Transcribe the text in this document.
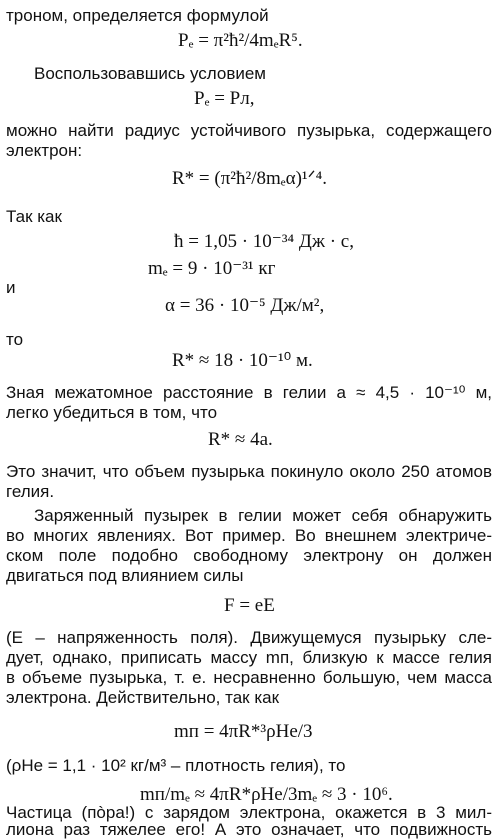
троном, определяется формулой
Pₑ = π²ħ²/4mₑR⁵.
Воспользовавшись условием
Pₑ = Pл,
можно найти радиус устойчивого пузырька, содержащего
электрон:
R* = (π²ħ²/8mₑα)¹ᐟ⁴.
Так как
ħ = 1,05 · 10⁻³⁴ Дж · с,
mₑ = 9 · 10⁻³¹ кг
и
α = 36 · 10⁻⁵ Дж/м²,
то
R* ≈ 18 · 10⁻¹⁰ м.
Зная межатомное расстояние в гелии a ≈ 4,5 · 10⁻¹⁰ м,
легко убедиться в том, что
R* ≈ 4a.
Это значит, что объем пузырька покинуло около 250 атомов гелия.
Заряженный пузырек в гелии может себя обнаружить
во многих явлениях. Вот пример. Во внешнем электриче-
ском поле подобно свободному электрону он должен
двигаться под влиянием силы
F = eE
(E – напряженность поля). Движущемуся пузырьку сле-
дует, однако, приписать массу mп, близкую к массе гелия
в объеме пузырька, т. е. несравненно большую, чем масса
электрона. Действительно, так как
mп = 4πR*³ρHe/3
(ρHe = 1,1 · 10² кг/м³ – плотность гелия), то
mп/mₑ ≈ 4πR*ρHe/3mₑ ≈ 3 · 10⁶.
Частица (пòра!) с зарядом электрона, окажется в 3 мил-
лиона раз тяжелее его! А это означает, что подвижность
